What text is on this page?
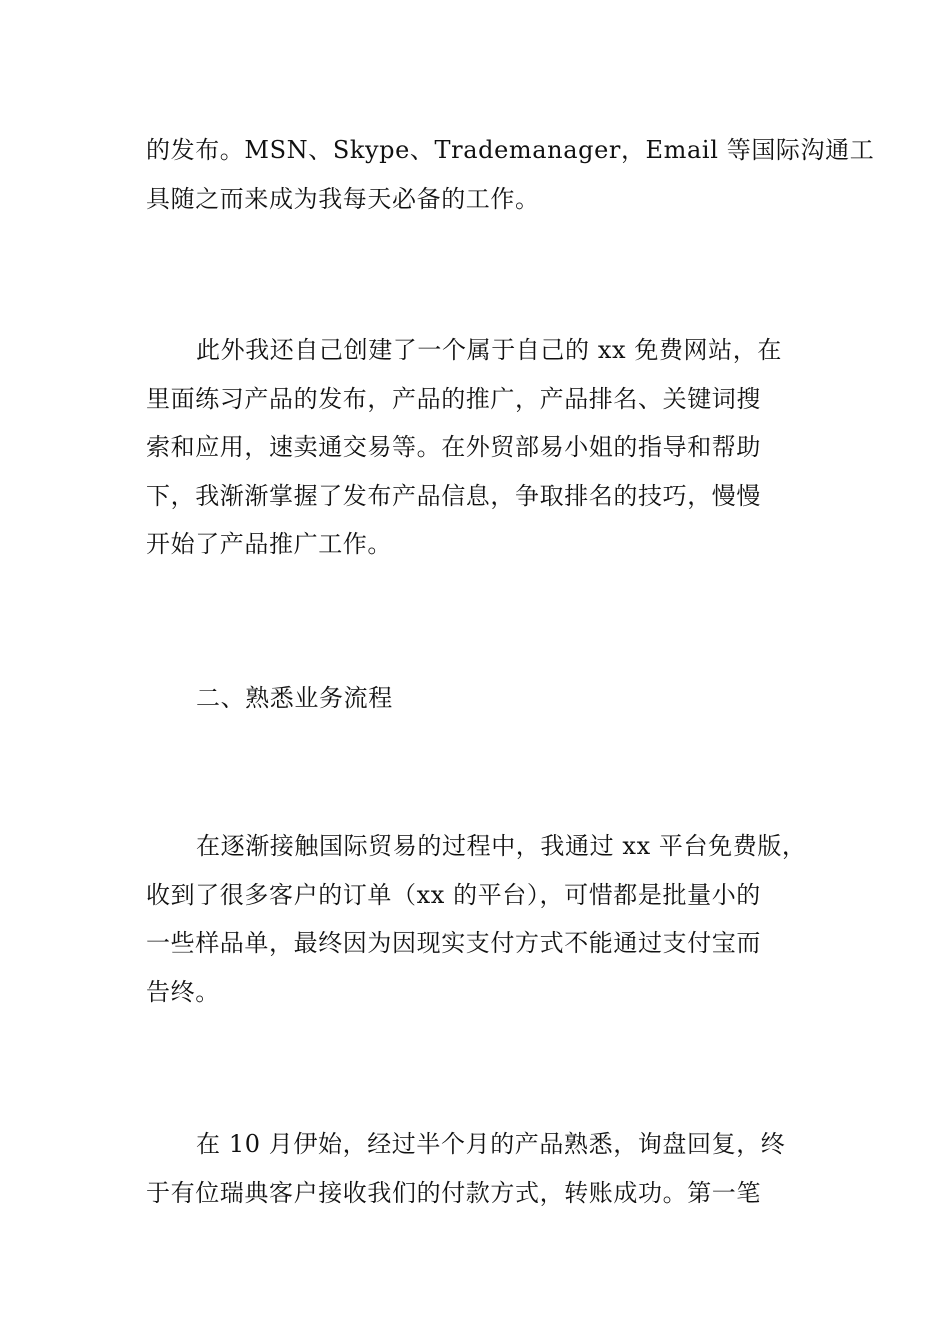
的发布。MSN、Skype、Trademanager，Email 等国际沟通工
具随之而来成为我每天必备的工作。

此外我还自己创建了一个属于自己的 xx 免费网站，在
里面练习产品的发布，产品的推广，产品排名、关键词搜
索和应用，速卖通交易等。在外贸部易小姐的指导和帮助
下，我渐渐掌握了发布产品信息，争取排名的技巧，慢慢
开始了产品推广工作。

二、熟悉业务流程

在逐渐接触国际贸易的过程中，我通过 xx 平台免费版，
收到了很多客户的订单（xx 的平台），可惜都是批量小的
一些样品单，最终因为因现实支付方式不能通过支付宝而
告终。

在 10 月伊始，经过半个月的产品熟悉，询盘回复，终
于有位瑞典客户接收我们的付款方式，转账成功。第一笔
